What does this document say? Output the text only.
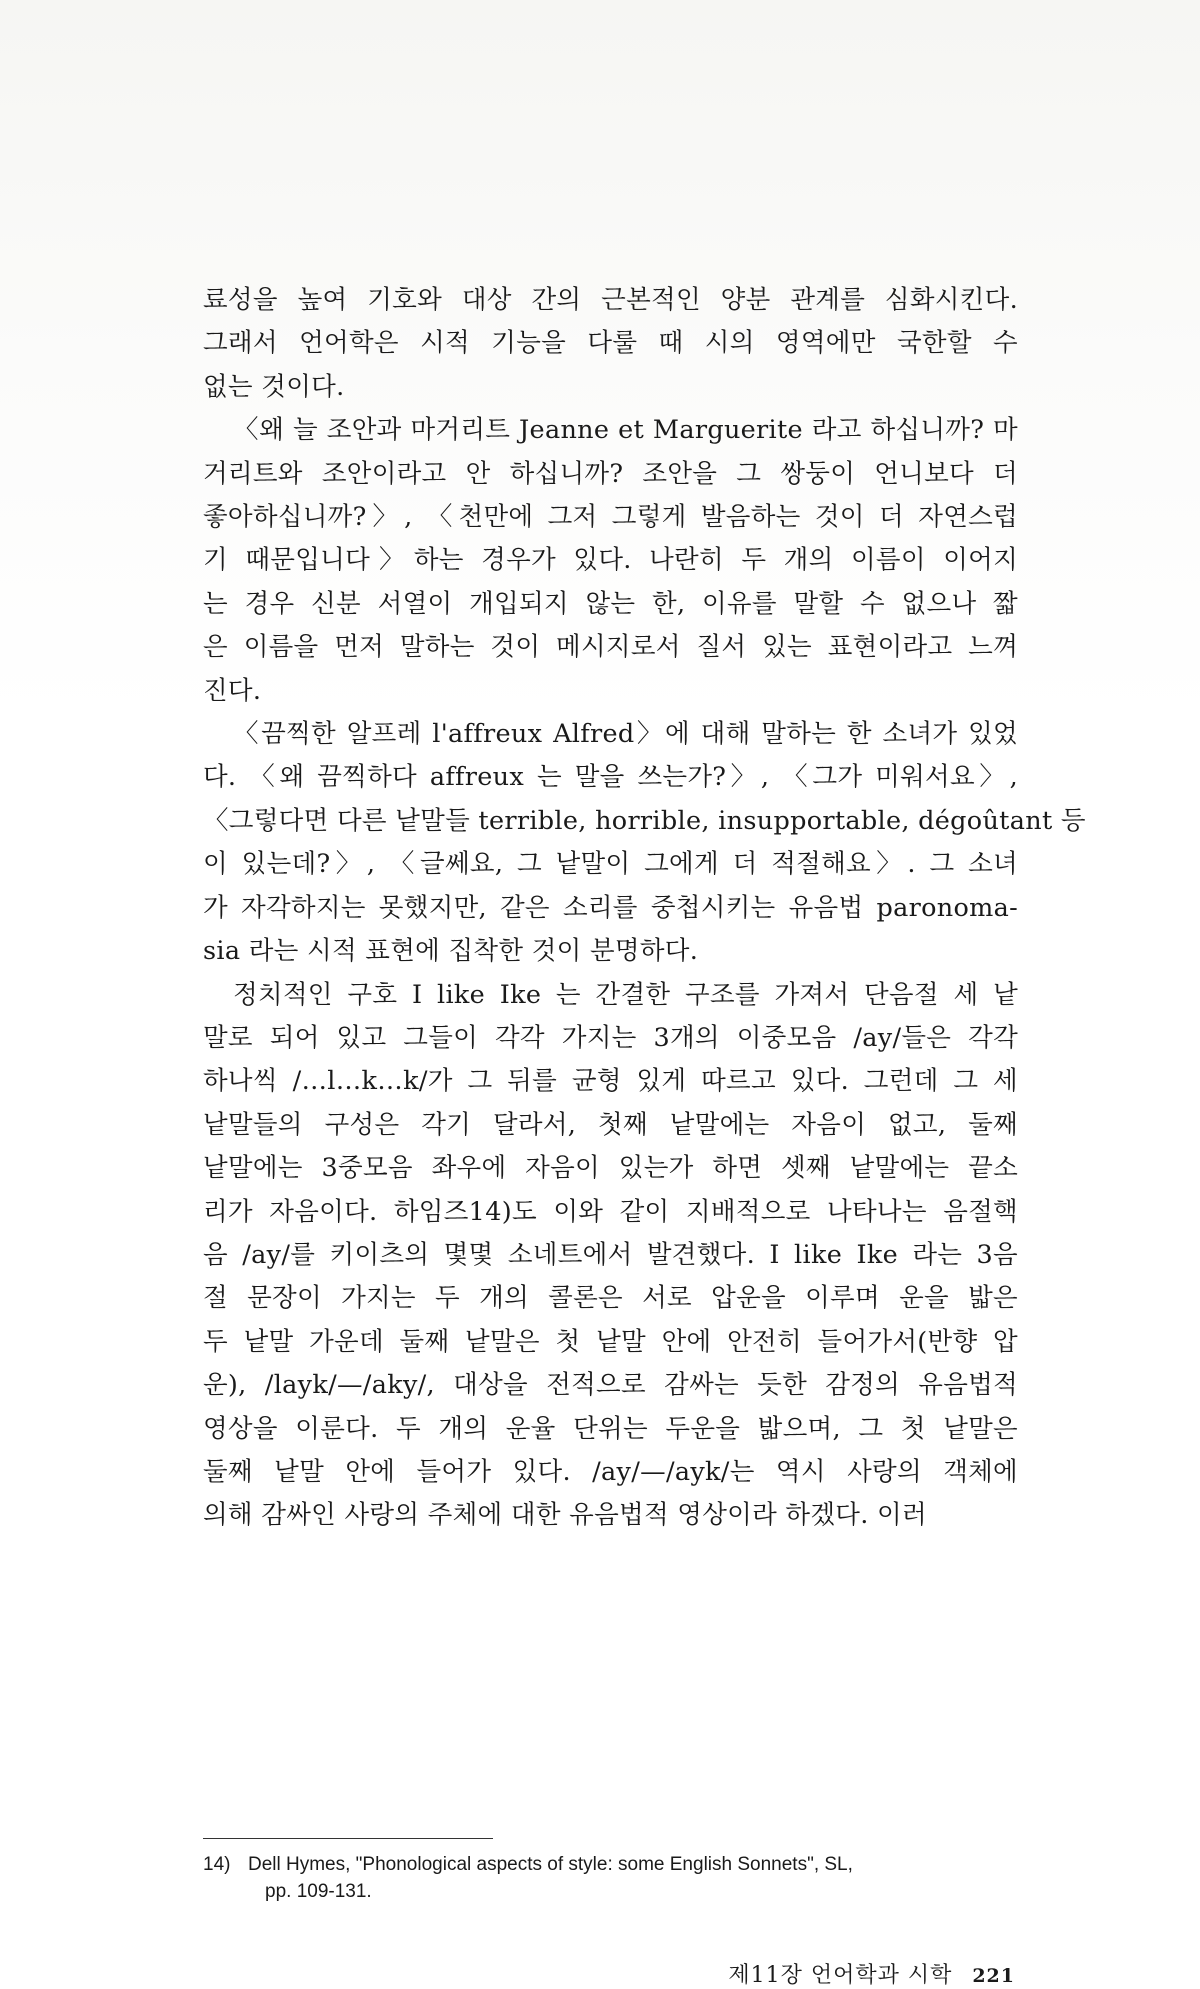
료성을 높여 기호와 대상 간의 근본적인 양분 관계를 심화시킨다.
그래서 언어학은 시적 기능을 다룰 때 시의 영역에만 국한할 수
없는 것이다.
〈왜 늘 조안과 마거리트 Jeanne et Marguerite 라고 하십니까? 마
거리트와 조안이라고 안 하십니까? 조안을 그 쌍둥이 언니보다 더
좋아하십니까?〉, 〈천만에 그저 그렇게 발음하는 것이 더 자연스럽
기 때문입니다〉하는 경우가 있다. 나란히 두 개의 이름이 이어지
는 경우 신분 서열이 개입되지 않는 한, 이유를 말할 수 없으나 짧
은 이름을 먼저 말하는 것이 메시지로서 질서 있는 표현이라고 느껴
진다.
〈끔찍한 알프레 l'affreux Alfred〉에 대해 말하는 한 소녀가 있었
다. 〈왜 끔찍하다 affreux 는 말을 쓰는가?〉, 〈그가 미워서요〉,
〈그렇다면 다른 낱말들 terrible, horrible, insupportable, dégoûtant 등
이 있는데?〉, 〈글쎄요, 그 낱말이 그에게 더 적절해요〉. 그 소녀
가 자각하지는 못했지만, 같은 소리를 중첩시키는 유음법 paronoma-
sia 라는 시적 표현에 집착한 것이 분명하다.
정치적인 구호 I like Ike 는 간결한 구조를 가져서 단음절 세 낱
말로 되어 있고 그들이 각각 가지는 3개의 이중모음 /ay/들은 각각
하나씩 /…l…k…k/가 그 뒤를 균형 있게 따르고 있다. 그런데 그 세
낱말들의 구성은 각기 달라서, 첫째 낱말에는 자음이 없고, 둘째
낱말에는 3중모음 좌우에 자음이 있는가 하면 셋째 낱말에는 끝소
리가 자음이다. 하임즈14)도 이와 같이 지배적으로 나타나는 음절핵
음 /ay/를 키이츠의 몇몇 소네트에서 발견했다. I like Ike 라는 3음
절 문장이 가지는 두 개의 콜론은 서로 압운을 이루며 운을 밟은
두 낱말 가운데 둘째 낱말은 첫 낱말 안에 안전히 들어가서(반향 압
운), /layk/—/aky/, 대상을 전적으로 감싸는 듯한 감정의 유음법적
영상을 이룬다. 두 개의 운율 단위는 두운을 밟으며, 그 첫 낱말은
둘째 낱말 안에 들어가 있다. /ay/—/ayk/는 역시 사랑의 객체에
의해 감싸인 사랑의 주체에 대한 유음법적 영상이라 하겠다. 이러
14) Dell Hymes, "Phonological aspects of style: some English Sonnets", SL,
pp. 109-131.
제11장 언어학과 시학 221
